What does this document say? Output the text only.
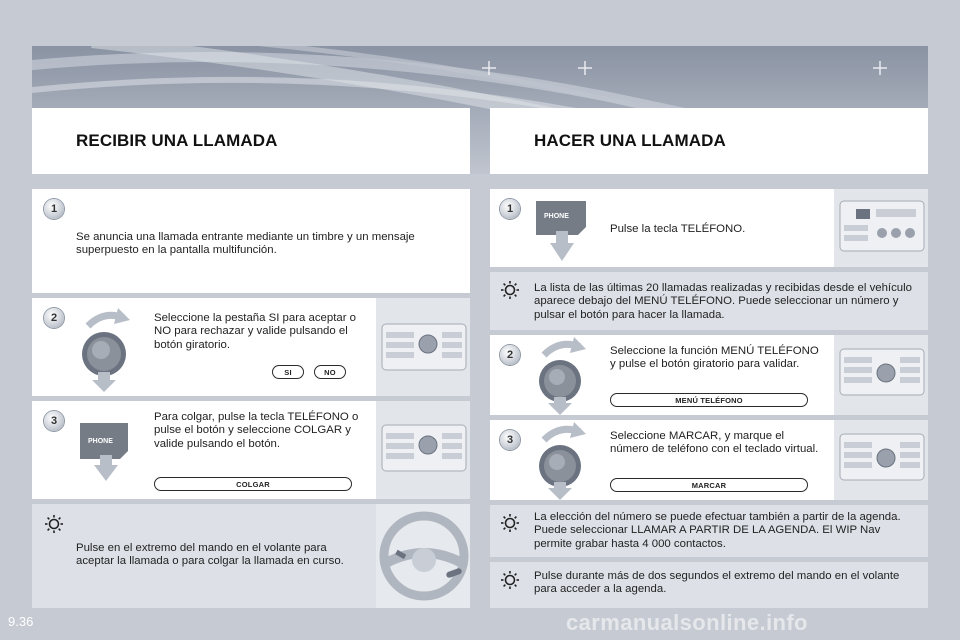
RECIBIR UNA LLAMADA	HACER UNA LLAMADA
1
Se anuncia una llamada entrante mediante un timbre y un mensaje superpuesto en la pantalla multifunción.
2	Seleccione la pestaña SI para aceptar o NO para rechazar y valide pulsando el botón giratorio.
SI	NO
3
PHONE
Para colgar, pulse la tecla TELÉFONO o pulse el botón y seleccione COLGAR y valide pulsando el botón.
COLGAR
Pulse en el extremo del mando en el volante para aceptar la llamada o para colgar la llamada en curso.
1
PHONE
Pulse la tecla TELÉFONO.
La lista de las últimas 20 llamadas realizadas y recibidas desde el vehículo aparece debajo del MENÚ TELÉFONO. Puede seleccionar un número y pulsar el botón para hacer la llamada.
2	Seleccione la función MENÚ TELÉFONO y pulse el botón giratorio para validar.
MENÚ TELÉFONO
3	Seleccione MARCAR, y marque el número de teléfono con el teclado virtual.
MARCAR
La elección del número se puede efectuar también a partir de la agenda. Puede seleccionar LLAMAR A PARTIR DE LA AGENDA. El WIP Nav permite grabar hasta 4 000 contactos.
Pulse durante más de dos segundos el extremo del mando en el volante para acceder a la agenda.
9.36	carmanualsonline.info
